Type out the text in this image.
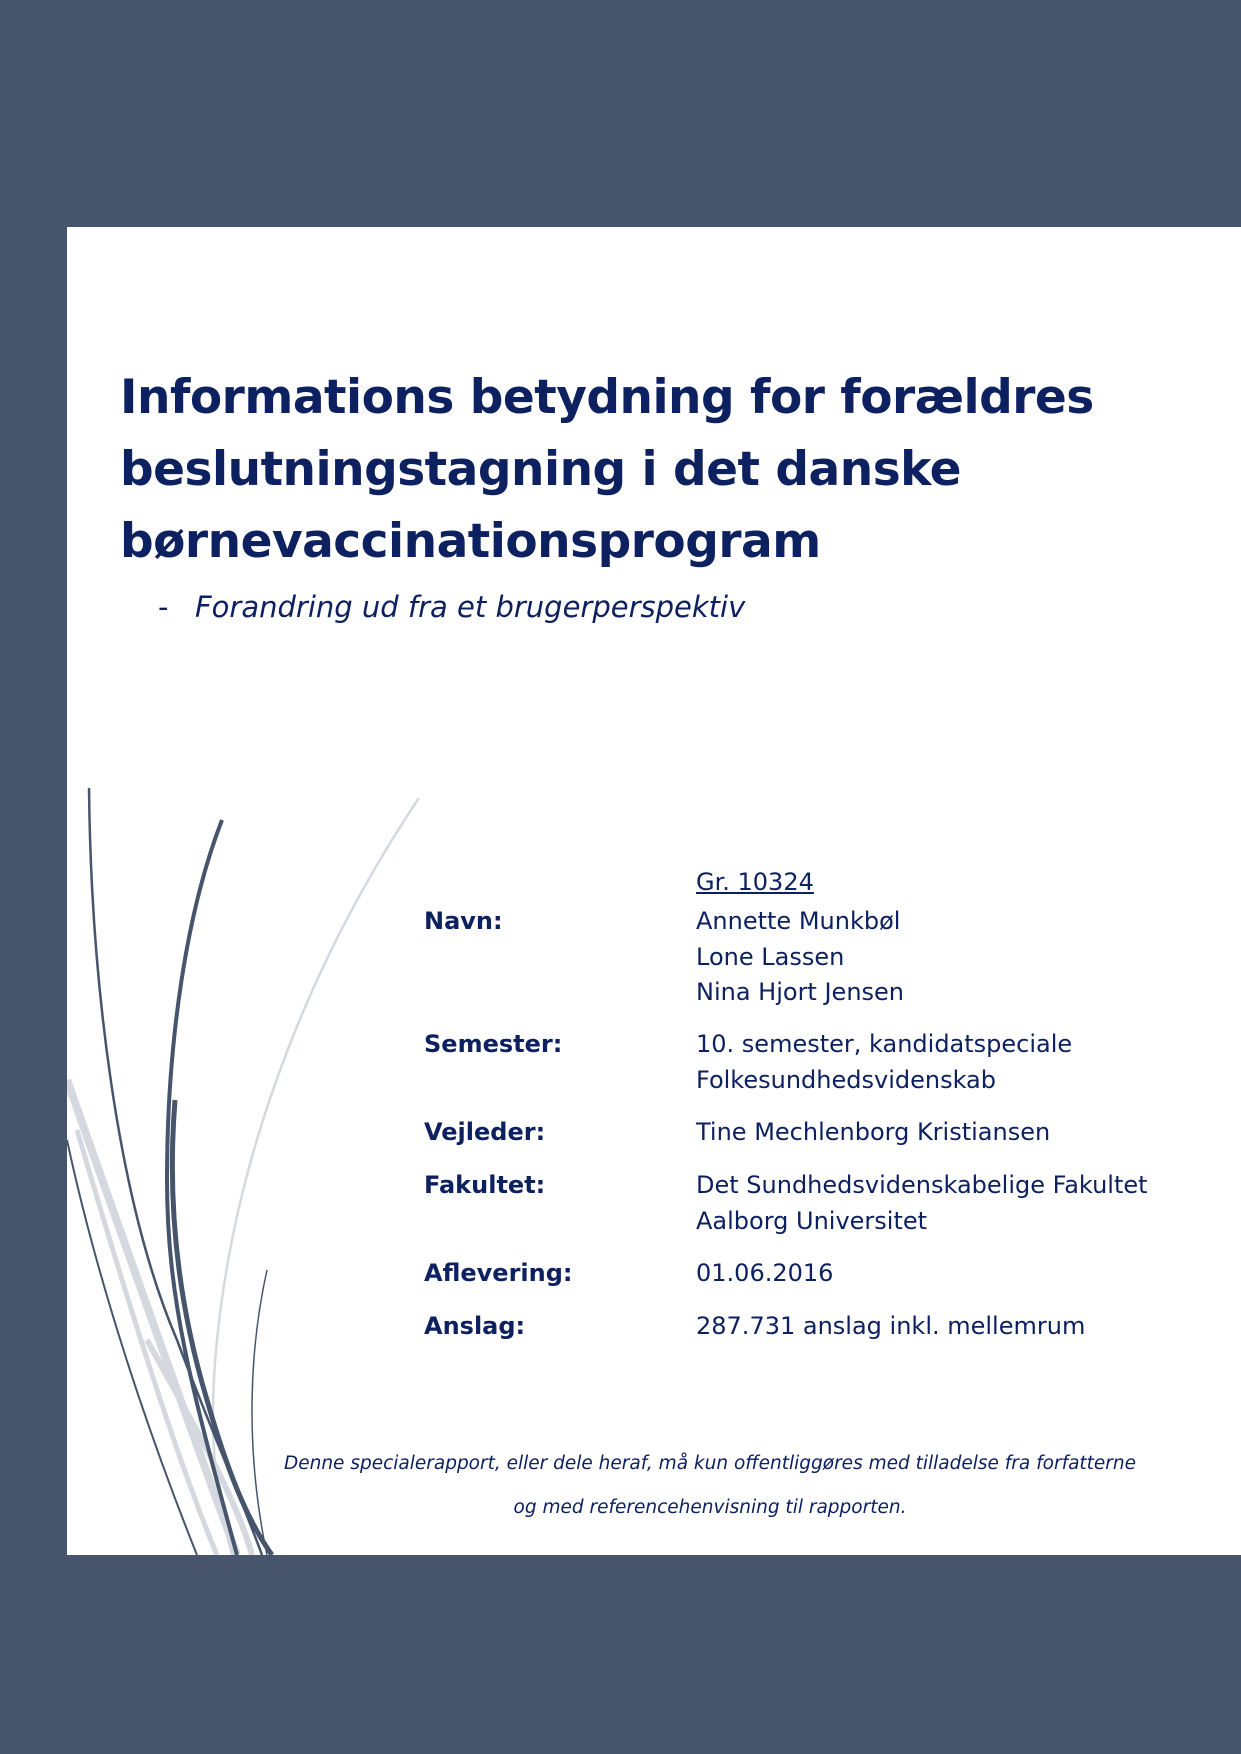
Informations betydning for forældres
beslutningstagning i det danske
børnevaccinationsprogram
- Forandring ud fra et brugerperspektiv
Gr. 10324
Navn:	Annette Munkbøl
Lone Lassen
Nina Hjort Jensen
Semester:	10. semester, kandidatspeciale
Folkesundhedsvidenskab
Vejleder:	Tine Mechlenborg Kristiansen
Fakultet:	Det Sundhedsvidenskabelige Fakultet
Aalborg Universitet
Aflevering:	01.06.2016
Anslag:	287.731 anslag inkl. mellemrum
Denne specialerapport, eller dele heraf, må kun offentliggøres med tilladelse fra forfatterne
og med referencehenvisning til rapporten.
